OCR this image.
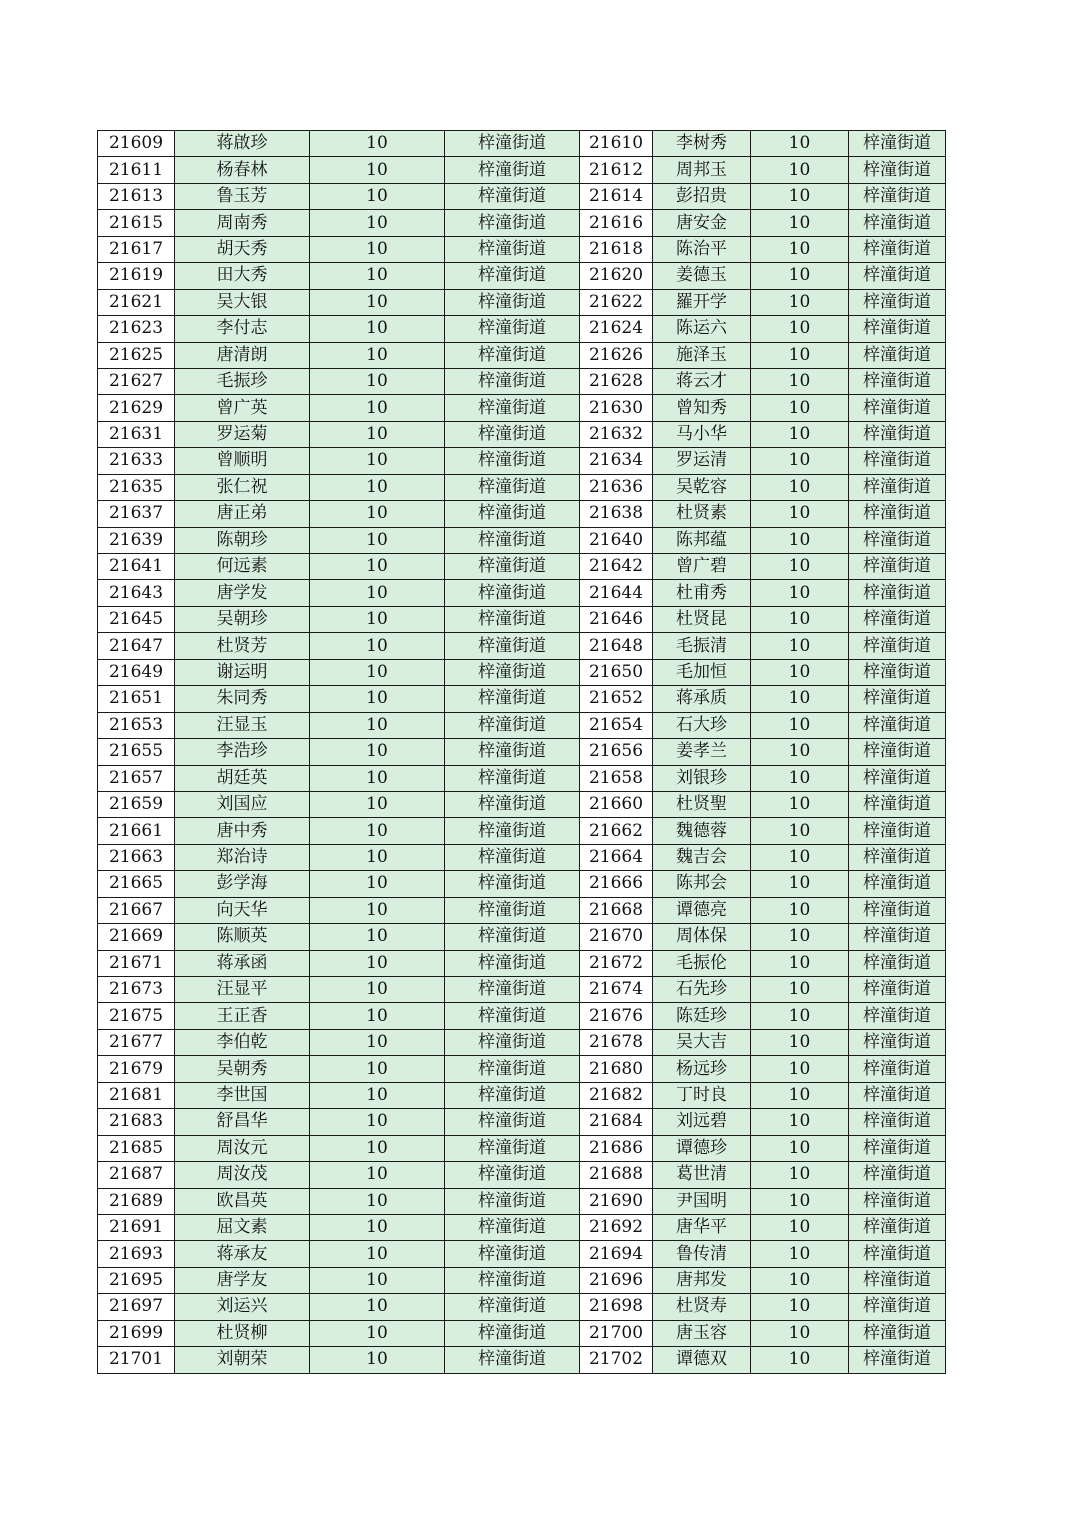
21609	蒋啟珍	10	梓潼街道	21610	李树秀	10	梓潼街道
21611	杨春林	10	梓潼街道	21612	周邦玉	10	梓潼街道
21613	鲁玉芳	10	梓潼街道	21614	彭招贵	10	梓潼街道
21615	周南秀	10	梓潼街道	21616	唐安金	10	梓潼街道
21617	胡天秀	10	梓潼街道	21618	陈治平	10	梓潼街道
21619	田大秀	10	梓潼街道	21620	姜德玉	10	梓潼街道
21621	吴大银	10	梓潼街道	21622	羅开学	10	梓潼街道
21623	李付志	10	梓潼街道	21624	陈运六	10	梓潼街道
21625	唐清朗	10	梓潼街道	21626	施泽玉	10	梓潼街道
21627	毛振珍	10	梓潼街道	21628	蒋云才	10	梓潼街道
21629	曾广英	10	梓潼街道	21630	曾知秀	10	梓潼街道
21631	罗运菊	10	梓潼街道	21632	马小华	10	梓潼街道
21633	曾顺明	10	梓潼街道	21634	罗运清	10	梓潼街道
21635	张仁祝	10	梓潼街道	21636	吴乾容	10	梓潼街道
21637	唐正弟	10	梓潼街道	21638	杜贤素	10	梓潼街道
21639	陈朝珍	10	梓潼街道	21640	陈邦蕴	10	梓潼街道
21641	何远素	10	梓潼街道	21642	曾广碧	10	梓潼街道
21643	唐学发	10	梓潼街道	21644	杜甫秀	10	梓潼街道
21645	吴朝珍	10	梓潼街道	21646	杜贤昆	10	梓潼街道
21647	杜贤芳	10	梓潼街道	21648	毛振清	10	梓潼街道
21649	谢运明	10	梓潼街道	21650	毛加恒	10	梓潼街道
21651	朱同秀	10	梓潼街道	21652	蒋承质	10	梓潼街道
21653	汪显玉	10	梓潼街道	21654	石大珍	10	梓潼街道
21655	李浩珍	10	梓潼街道	21656	姜孝兰	10	梓潼街道
21657	胡廷英	10	梓潼街道	21658	刘银珍	10	梓潼街道
21659	刘国应	10	梓潼街道	21660	杜贤聖	10	梓潼街道
21661	唐中秀	10	梓潼街道	21662	魏德蓉	10	梓潼街道
21663	郑治诗	10	梓潼街道	21664	魏吉会	10	梓潼街道
21665	彭学海	10	梓潼街道	21666	陈邦会	10	梓潼街道
21667	向天华	10	梓潼街道	21668	谭德亮	10	梓潼街道
21669	陈顺英	10	梓潼街道	21670	周体保	10	梓潼街道
21671	蒋承函	10	梓潼街道	21672	毛振伦	10	梓潼街道
21673	汪显平	10	梓潼街道	21674	石先珍	10	梓潼街道
21675	王正香	10	梓潼街道	21676	陈廷珍	10	梓潼街道
21677	李伯乾	10	梓潼街道	21678	吴大吉	10	梓潼街道
21679	吴朝秀	10	梓潼街道	21680	杨远珍	10	梓潼街道
21681	李世国	10	梓潼街道	21682	丁时良	10	梓潼街道
21683	舒昌华	10	梓潼街道	21684	刘远碧	10	梓潼街道
21685	周汝元	10	梓潼街道	21686	谭德珍	10	梓潼街道
21687	周汝茂	10	梓潼街道	21688	葛世清	10	梓潼街道
21689	欧昌英	10	梓潼街道	21690	尹国明	10	梓潼街道
21691	屈文素	10	梓潼街道	21692	唐华平	10	梓潼街道
21693	蒋承友	10	梓潼街道	21694	鲁传清	10	梓潼街道
21695	唐学友	10	梓潼街道	21696	唐邦发	10	梓潼街道
21697	刘运兴	10	梓潼街道	21698	杜贤寿	10	梓潼街道
21699	杜贤柳	10	梓潼街道	21700	唐玉容	10	梓潼街道
21701	刘朝荣	10	梓潼街道	21702	谭德双	10	梓潼街道
